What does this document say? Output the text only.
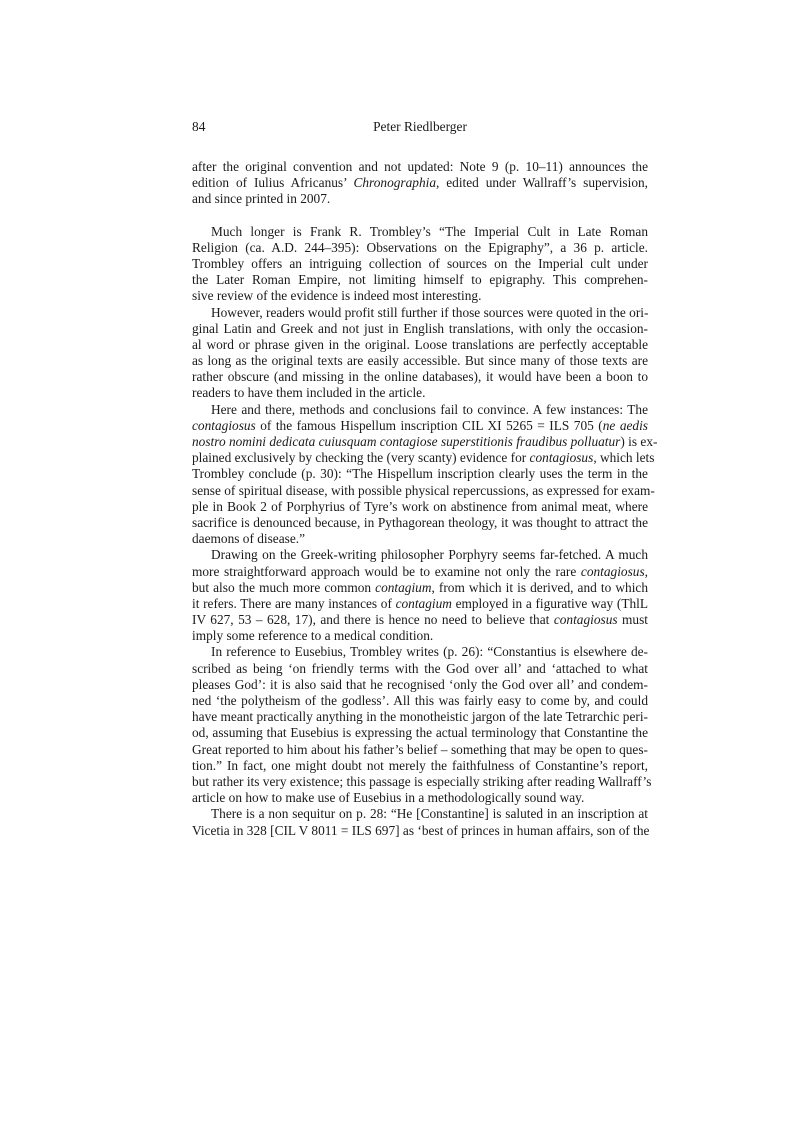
84	Peter Riedlberger
after the original convention and not updated: Note 9 (p. 10–11) announces the
edition of Iulius Africanus’ Chronographia, edited under Wallraff’s supervision,
and since printed in 2007.
Much longer is Frank R. Trombley’s “The Imperial Cult in Late Roman
Religion (ca. A.D. 244–395): Observations on the Epigraphy”, a 36 p. article.
Trombley offers an intriguing collection of sources on the Imperial cult under
the Later Roman Empire, not limiting himself to epigraphy. This comprehen-
sive review of the evidence is indeed most interesting.
However, readers would profit still further if those sources were quoted in the ori-
ginal Latin and Greek and not just in English translations, with only the occasion-
al word or phrase given in the original. Loose translations are perfectly acceptable
as long as the original texts are easily accessible. But since many of those texts are
rather obscure (and missing in the online databases), it would have been a boon to
readers to have them included in the article.
Here and there, methods and conclusions fail to convince. A few instances: The
contagiosus of the famous Hispellum inscription CIL XI 5265 = ILS 705 (ne aedis
nostro nomini dedicata cuiusquam contagiose superstitionis fraudibus polluatur) is ex-
plained exclusively by checking the (very scanty) evidence for contagiosus, which lets
Trombley conclude (p. 30): “The Hispellum inscription clearly uses the term in the
sense of spiritual disease, with possible physical repercussions, as expressed for exam-
ple in Book 2 of Porphyrius of Tyre’s work on abstinence from animal meat, where
sacrifice is denounced because, in Pythagorean theology, it was thought to attract the
daemons of disease.”
Drawing on the Greek-writing philosopher Porphyry seems far-fetched. A much
more straightforward approach would be to examine not only the rare contagiosus,
but also the much more common contagium, from which it is derived, and to which
it refers. There are many instances of contagium employed in a figurative way (ThlL
IV 627, 53 – 628, 17), and there is hence no need to believe that contagiosus must
imply some reference to a medical condition.
In reference to Eusebius, Trombley writes (p. 26): “Constantius is elsewhere de-
scribed as being ‘on friendly terms with the God over all’ and ‘attached to what
pleases God’: it is also said that he recognised ‘only the God over all’ and condem-
ned ‘the polytheism of the godless’. All this was fairly easy to come by, and could
have meant practically anything in the monotheistic jargon of the late Tetrarchic peri-
od, assuming that Eusebius is expressing the actual terminology that Constantine the
Great reported to him about his father’s belief – something that may be open to ques-
tion.” In fact, one might doubt not merely the faithfulness of Constantine’s report,
but rather its very existence; this passage is especially striking after reading Wallraff’s
article on how to make use of Eusebius in a methodologically sound way.
There is a non sequitur on p. 28: “He [Constantine] is saluted in an inscription at
Vicetia in 328 [CIL V 8011 = ILS 697] as ‘best of princes in human affairs, son of the
